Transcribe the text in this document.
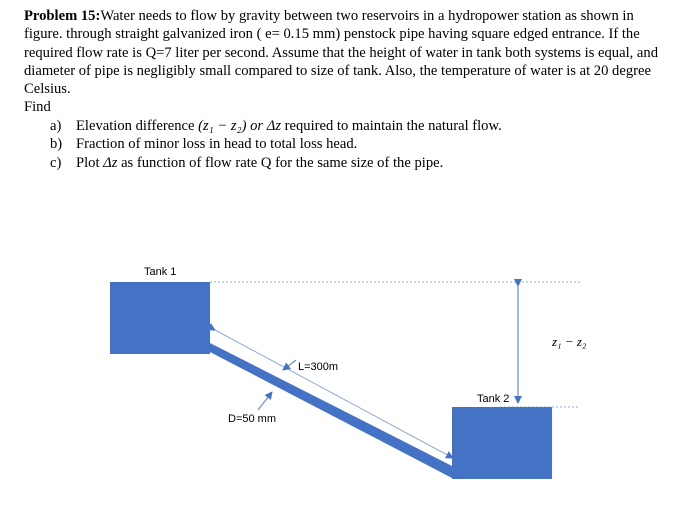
Problem 15:Water needs to flow by gravity between two reservoirs in a hydropower station as shown in figure. through straight galvanized iron ( e= 0.15 mm) penstock pipe having square edged entrance. If the required flow rate is Q=7 liter per second. Assume that the height of water in tank both systems is equal, and diameter of pipe is negligibly small compared to size of tank. Also, the temperature of water is at 20 degree Celsius.

Find

a)	Elevation difference (z₁ − z₂) or Δz required to maintain the natural flow.
b) Fraction of minor loss in head to total loss head.
c)	Plot Δz as function of flow rate Q for the same size of the pipe.
Tank 1
Tank 2
z₁ − z₂
L=300m
D=50 mm
